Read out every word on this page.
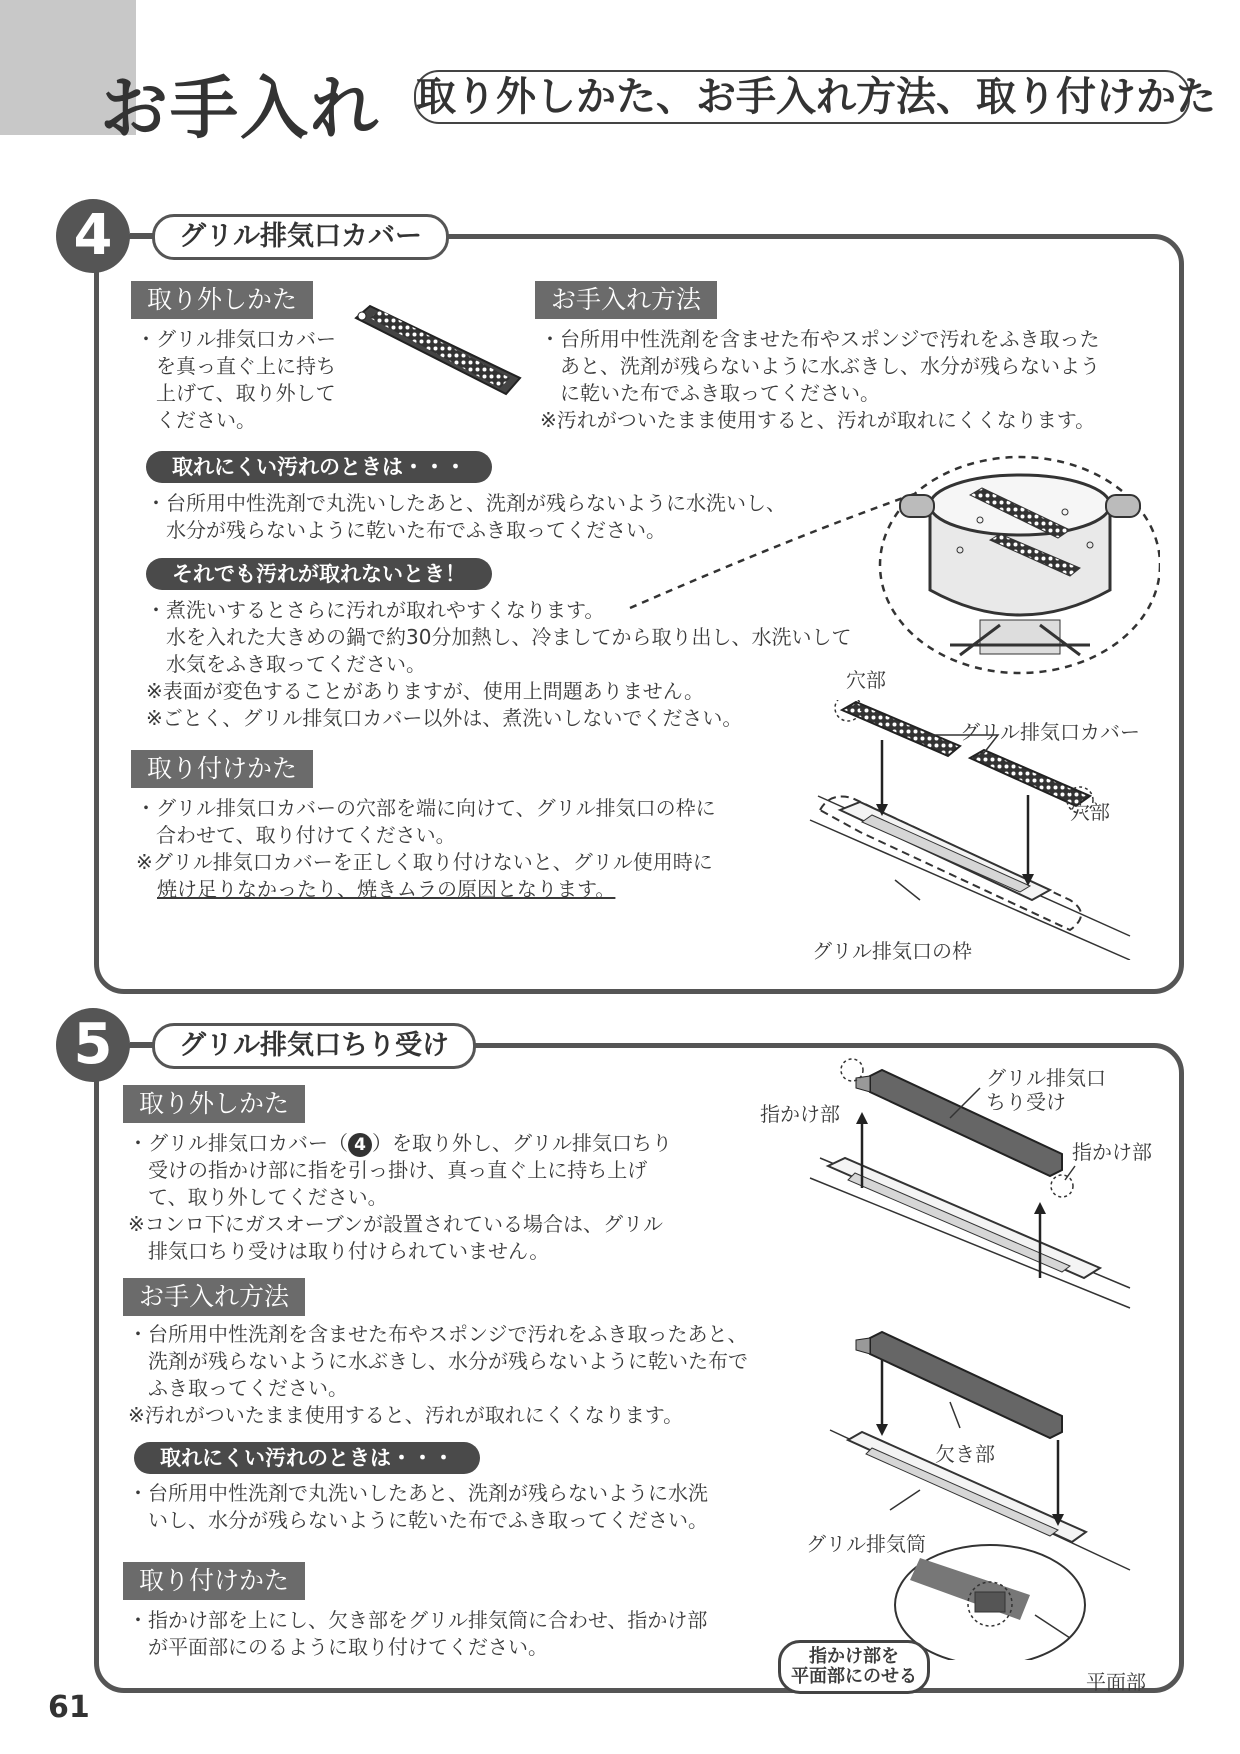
お手入れ 取り外しかた、お手入れ方法、取り付けかた
4	グリル排気口カバー
取り外しかた
・グリル排気口カバー
　を真っ直ぐ上に持ち
　上げて、取り外して
　ください。
お手入れ方法
・台所用中性洗剤を含ませた布やスポンジで汚れをふき取った
　あと、洗剤が残らないように水ぶきし、水分が残らないよう
　に乾いた布でふき取ってください。
※汚れがついたまま使用すると、汚れが取れにくくなります。
取れにくい汚れのときは・・・
・台所用中性洗剤で丸洗いしたあと、洗剤が残らないように水洗いし、
　水分が残らないように乾いた布でふき取ってください。
それでも汚れが取れないとき！
・煮洗いするとさらに汚れが取れやすくなります。
　水を入れた大きめの鍋で約30分加熱し、冷ましてから取り出し、水洗いして
　水気をふき取ってください。
※表面が変色することがありますが、使用上問題ありません。
※ごとく、グリル排気口カバー以外は、煮洗いしないでください。
取り付けかた
・グリル排気口カバーの穴部を端に向けて、グリル排気口の枠に
　合わせて、取り付けてください。
※グリル排気口カバーを正しく取り付けないと、グリル使用時に
焼け足りなかったり、焼きムラの原因となります。
穴部
グリル排気口カバー
穴部
グリル排気口の枠
5	グリル排気口ちり受け
取り外しかた
・グリル排気口カバー（ 4 ）を取り外し、グリル排気口ちり
　受けの指かけ部に指を引っ掛け、真っ直ぐ上に持ち上げ
　て、取り外してください。
※コンロ下にガスオーブンが設置されている場合は、グリル
　排気口ちり受けは取り付けられていません。
お手入れ方法
・台所用中性洗剤を含ませた布やスポンジで汚れをふき取ったあと、
　洗剤が残らないように水ぶきし、水分が残らないように乾いた布で
　ふき取ってください。
※汚れがついたまま使用すると、汚れが取れにくくなります。
取れにくい汚れのときは・・・
・台所用中性洗剤で丸洗いしたあと、洗剤が残らないように水洗
　いし、水分が残らないように乾いた布でふき取ってください。
取り付けかた
・指かけ部を上にし、欠き部をグリル排気筒に合わせ、指かけ部
　が平面部にのるように取り付けてください。
指かけ部
グリル排気口
ちり受け
指かけ部
欠き部
グリル排気筒
平面部
指かけ部を
平面部にのせる
61
